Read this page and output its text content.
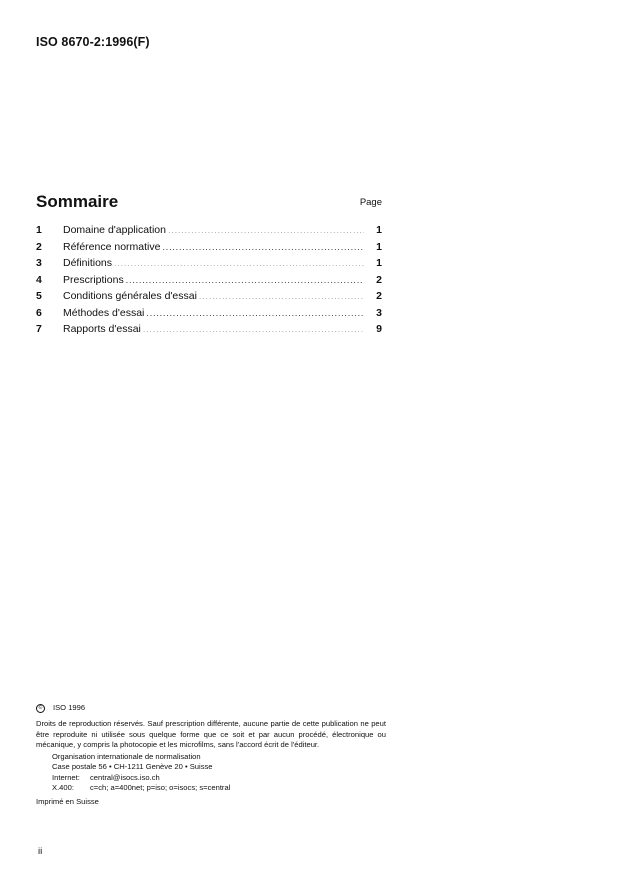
ISO 8670-2:1996(F)
Sommaire	Page
1	Domaine d'application .....	1
2	Référence normative .....	1
3	Définitions .....	1
4	Prescriptions .....	2
5	Conditions générales d'essai .....	2
6	Méthodes d'essai .....	3
7	Rapports d'essai .....	9
©	ISO 1996

Droits de reproduction réservés. Sauf prescription différente, aucune partie de cette publication ne peut être reproduite ni utilisée sous quelque forme que ce soit et par aucun procédé, électronique ou mécanique, y compris la photocopie et les microfilms, sans l'accord écrit de l'éditeur.

Organisation internationale de normalisation
Case postale 56 • CH-1211 Genève 20 • Suisse
Internet:	central@isocs.iso.ch
X.400:	c=ch; a=400net; p=iso; o=isocs; s=central
Imprimé en Suisse
ii
